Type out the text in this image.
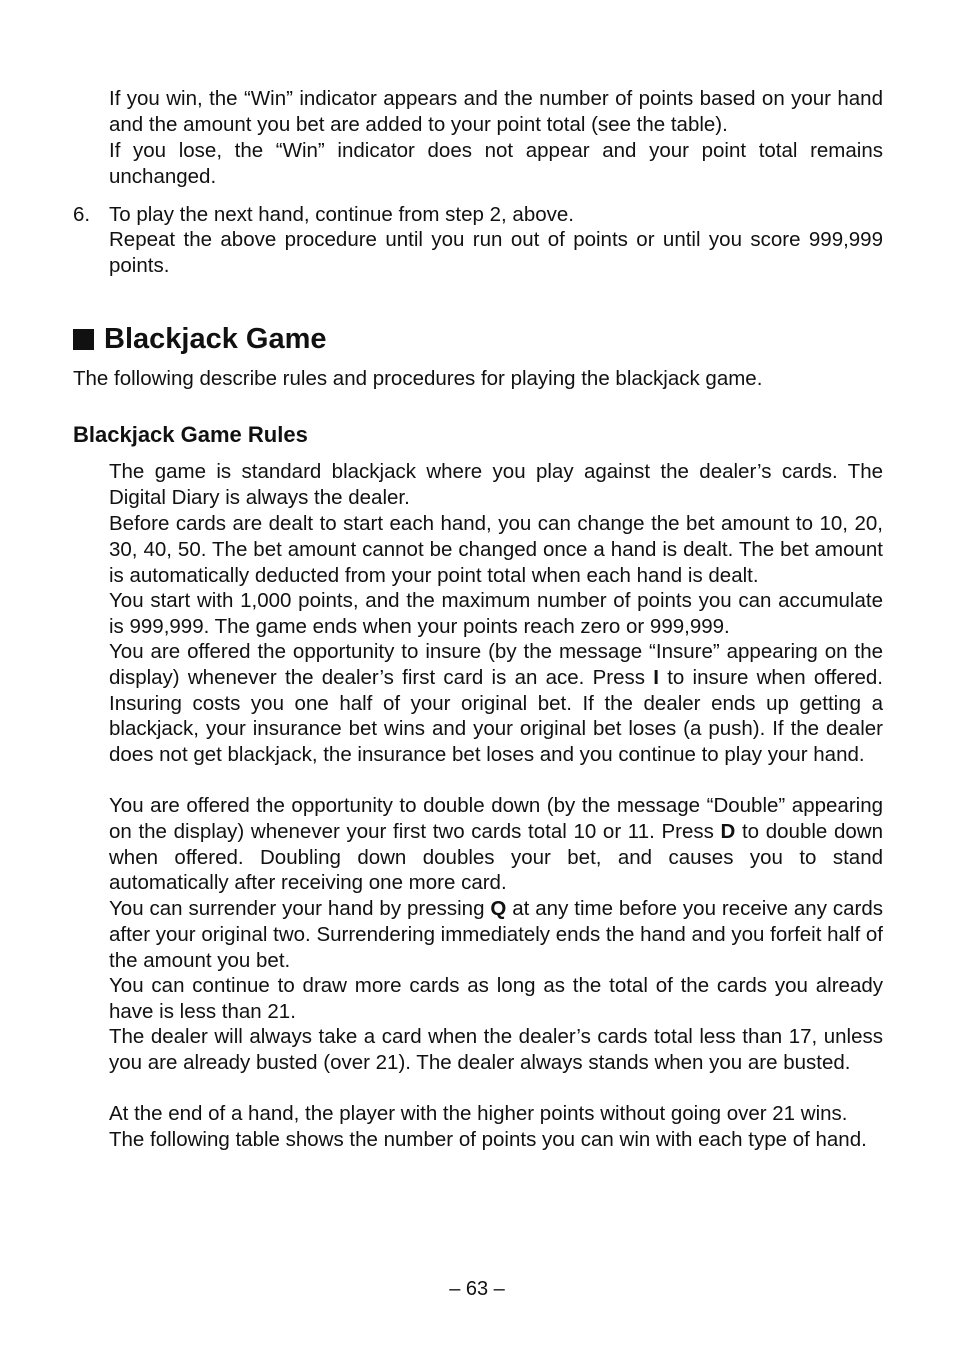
If you win, the “Win” indicator appears and the number of points based on your hand and the amount you bet are added to your point total (see the table).

If you lose, the “Win” indicator does not appear and your point total remains unchanged.

6. To play the next hand, continue from step 2, above.

Repeat the above procedure until you run out of points or until you score 999,999 points.

Blackjack Game

The following describe rules and procedures for playing the blackjack game.

Blackjack Game Rules

The game is standard blackjack where you play against the dealer’s cards. The Digital Diary is always the dealer.

Before cards are dealt to start each hand, you can change the bet amount to 10, 20, 30, 40, 50. The bet amount cannot be changed once a hand is dealt. The bet amount is automatically deducted from your point total when each hand is dealt.

You start with 1,000 points, and the maximum number of points you can accumulate is 999,999. The game ends when your points reach zero or 999,999.

You are offered the opportunity to insure (by the message “Insure” appearing on the display) whenever the dealer’s first card is an ace. Press I to insure when offered. Insuring costs you one half of your original bet. If the dealer ends up getting a blackjack, your insurance bet wins and your original bet loses (a push). If the dealer does not get blackjack, the insurance bet loses and you continue to play your hand.

You are offered the opportunity to double down (by the message “Double” appearing on the display) whenever your first two cards total 10 or 11. Press D to double down when offered. Doubling down doubles your bet, and causes you to stand automatically after receiving one more card.

You can surrender your hand by pressing Q at any time before you receive any cards after your original two. Surrendering immediately ends the hand and you forfeit half of the amount you bet.

You can continue to draw more cards as long as the total of the cards you already have is less than 21.

The dealer will always take a card when the dealer’s cards total less than 17, unless you are already busted (over 21). The dealer always stands when you are busted.

At the end of a hand, the player with the higher points without going over 21 wins.

The following table shows the number of points you can win with each type of hand.

– 63 –
